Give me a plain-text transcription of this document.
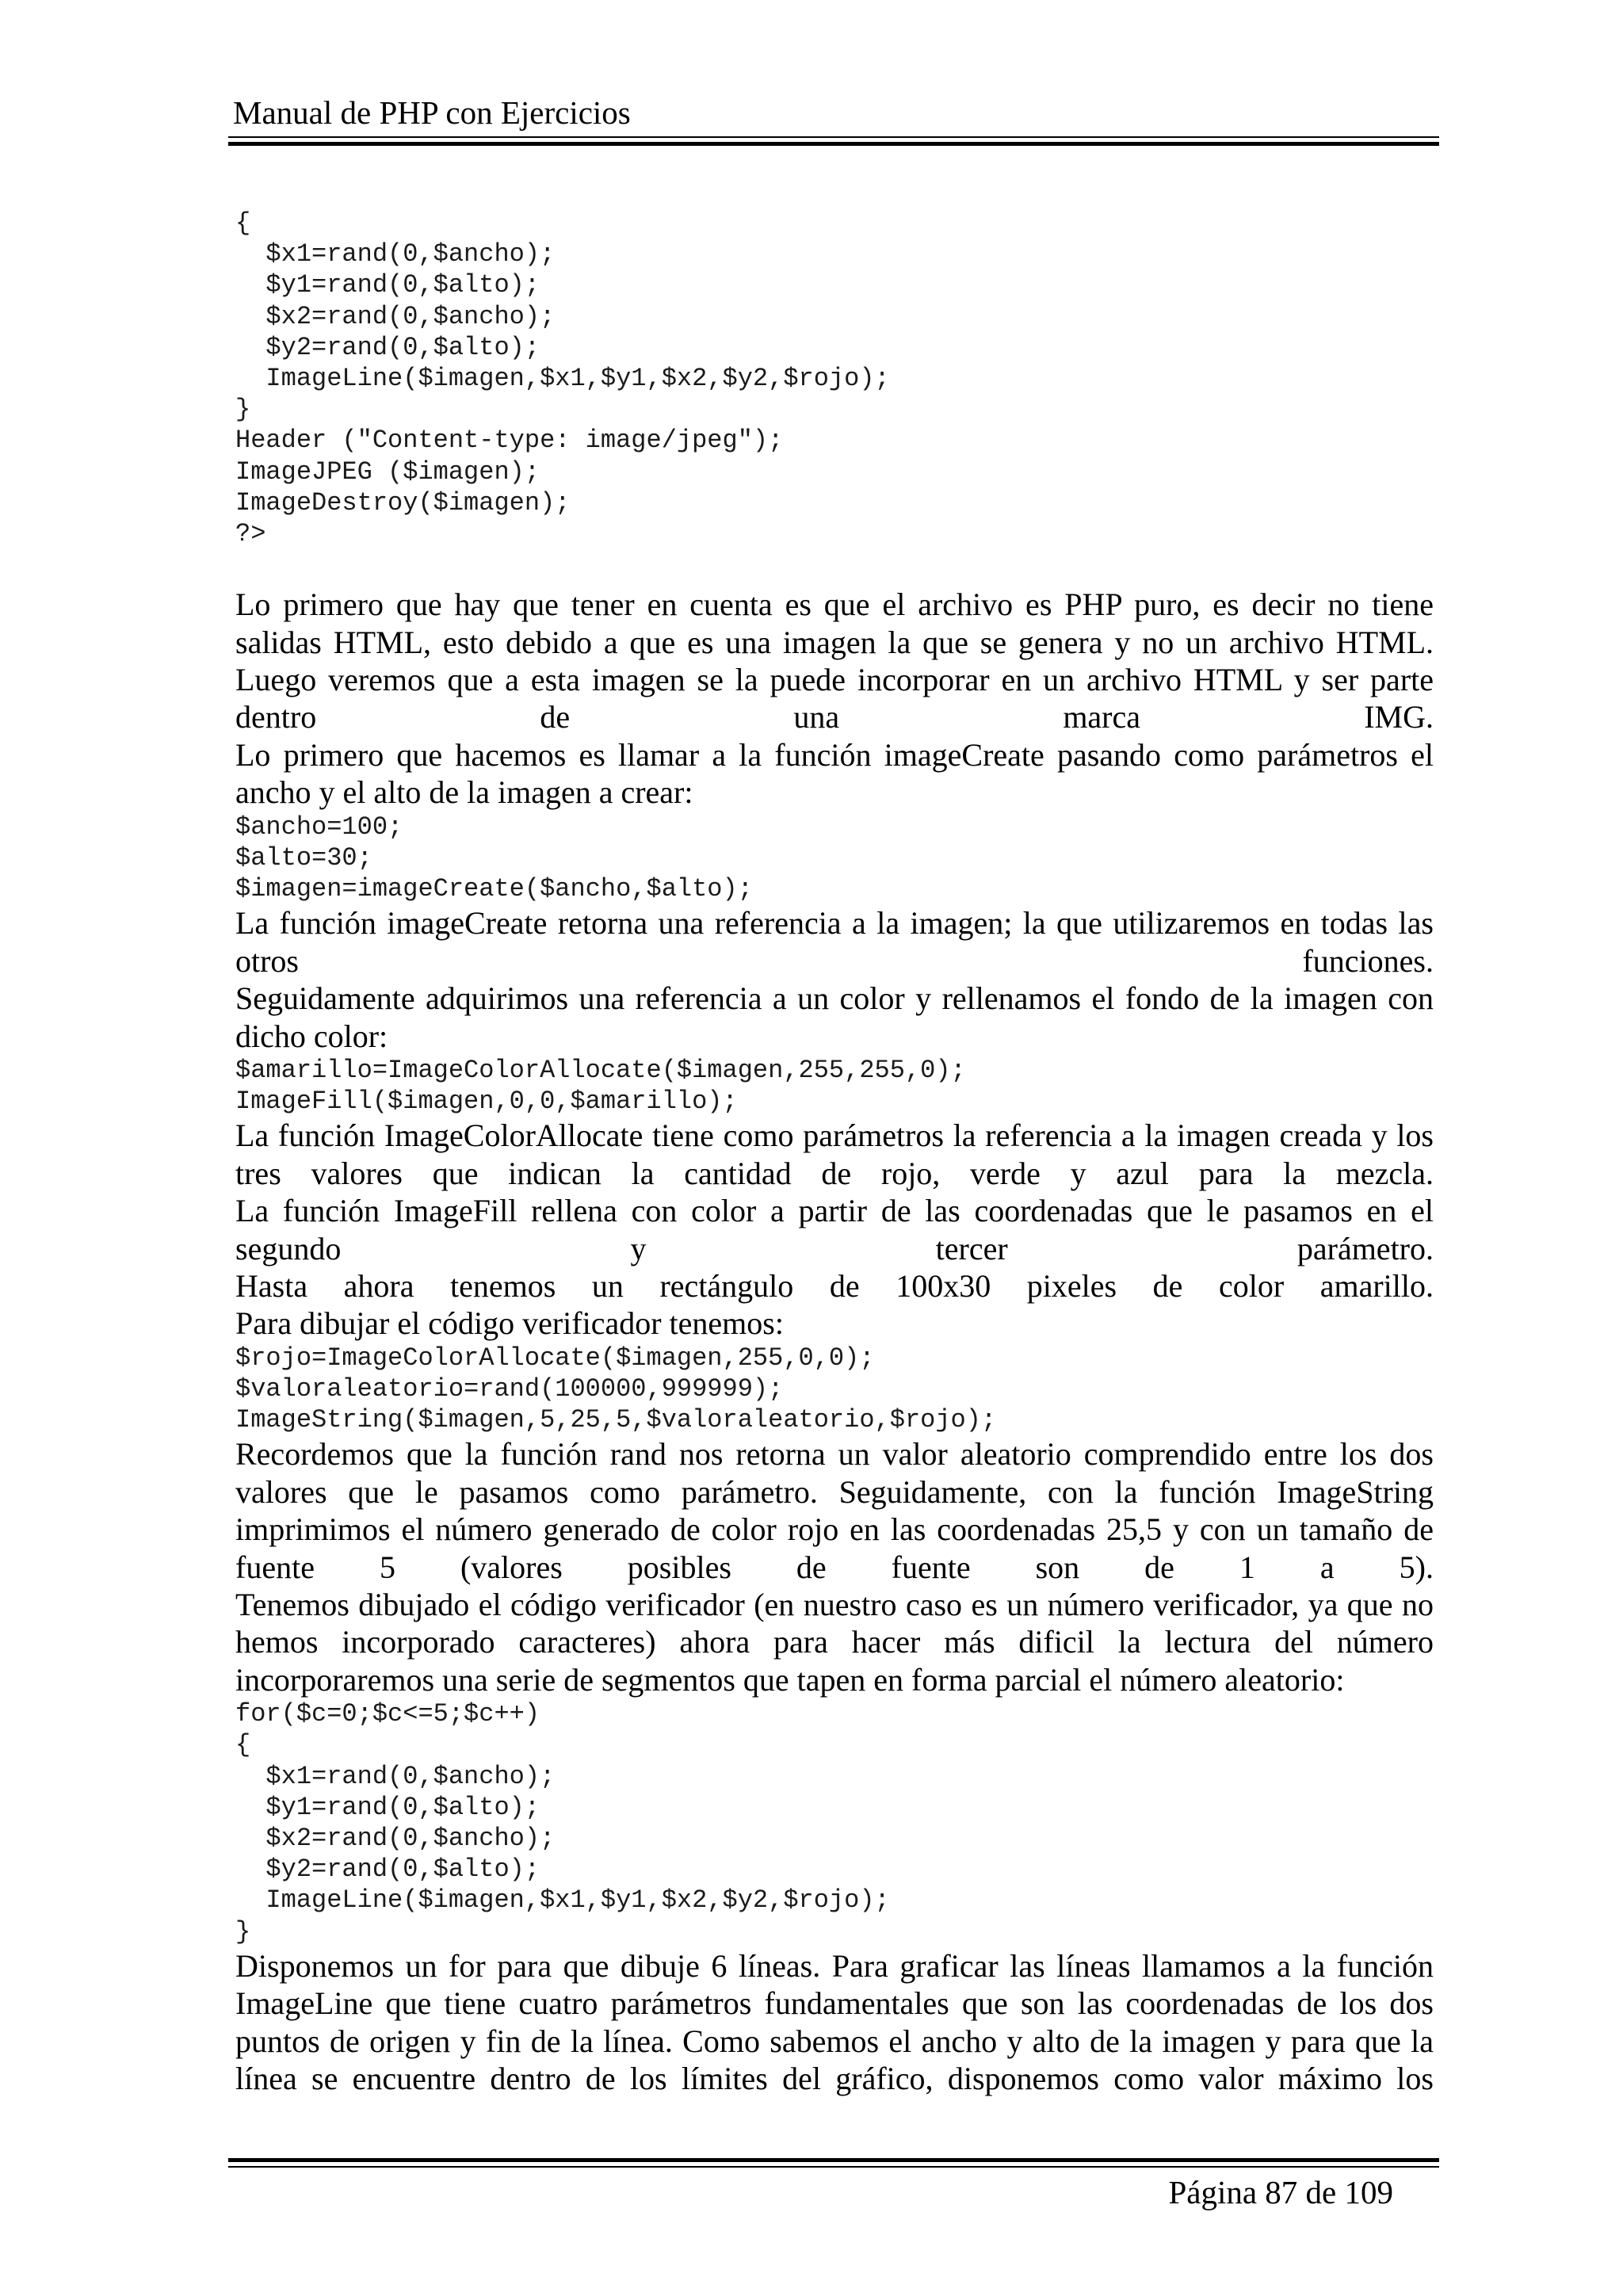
Manual de PHP con Ejercicios
{
$x1=rand(0,$ancho);
$y1=rand(0,$alto);
$x2=rand(0,$ancho);
$y2=rand(0,$alto);
ImageLine($imagen,$x1,$y1,$x2,$y2,$rojo);
}
Header ("Content-type: image/jpeg");
ImageJPEG ($imagen);
ImageDestroy($imagen);
?>
Lo primero que hay que tener en cuenta es que el archivo es PHP puro, es decir no tiene salidas HTML, esto debido a que es una imagen la que se genera y no un archivo HTML. Luego veremos que a esta imagen se la puede incorporar en un archivo HTML y ser parte dentro de una marca IMG.
Lo primero que hacemos es llamar a la función imageCreate pasando como parámetros el ancho y el alto de la imagen a crear:
$ancho=100;
$alto=30;
$imagen=imageCreate($ancho,$alto);
La función imageCreate retorna una referencia a la imagen; la que utilizaremos en todas las otros funciones.
Seguidamente adquirimos una referencia a un color y rellenamos el fondo de la imagen con dicho color:
$amarillo=ImageColorAllocate($imagen,255,255,0);
ImageFill($imagen,0,0,$amarillo);
La función ImageColorAllocate tiene como parámetros la referencia a la imagen creada y los tres valores que indican la cantidad de rojo, verde y azul para la mezcla.
La función ImageFill rellena con color a partir de las coordenadas que le pasamos en el segundo y tercer parámetro.
Hasta ahora tenemos un rectángulo de 100x30 pixeles de color amarillo.
Para dibujar el código verificador tenemos:
$rojo=ImageColorAllocate($imagen,255,0,0);
$valoraleatorio=rand(100000,999999);
ImageString($imagen,5,25,5,$valoraleatorio,$rojo);
Recordemos que la función rand nos retorna un valor aleatorio comprendido entre los dos valores que le pasamos como parámetro. Seguidamente, con la función ImageString imprimimos el número generado de color rojo en las coordenadas 25,5 y con un tamaño de fuente 5 (valores posibles de fuente son de 1 a 5).
Tenemos dibujado el código verificador (en nuestro caso es un número verificador, ya que no hemos incorporado caracteres) ahora para hacer más dificil la lectura del número incorporaremos una serie de segmentos que tapen en forma parcial el número aleatorio:
for($c=0;$c<=5;$c++)
{
$x1=rand(0,$ancho);
$y1=rand(0,$alto);
$x2=rand(0,$ancho);
$y2=rand(0,$alto);
ImageLine($imagen,$x1,$y1,$x2,$y2,$rojo);
}
Disponemos un for para que dibuje 6 líneas. Para graficar las líneas llamamos a la función ImageLine que tiene cuatro parámetros fundamentales que son las coordenadas de los dos puntos de origen y fin de la línea. Como sabemos el ancho y alto de la imagen y para que la línea se encuentre dentro de los límites del gráfico, disponemos como valor máximo los
Página 87 de 109
